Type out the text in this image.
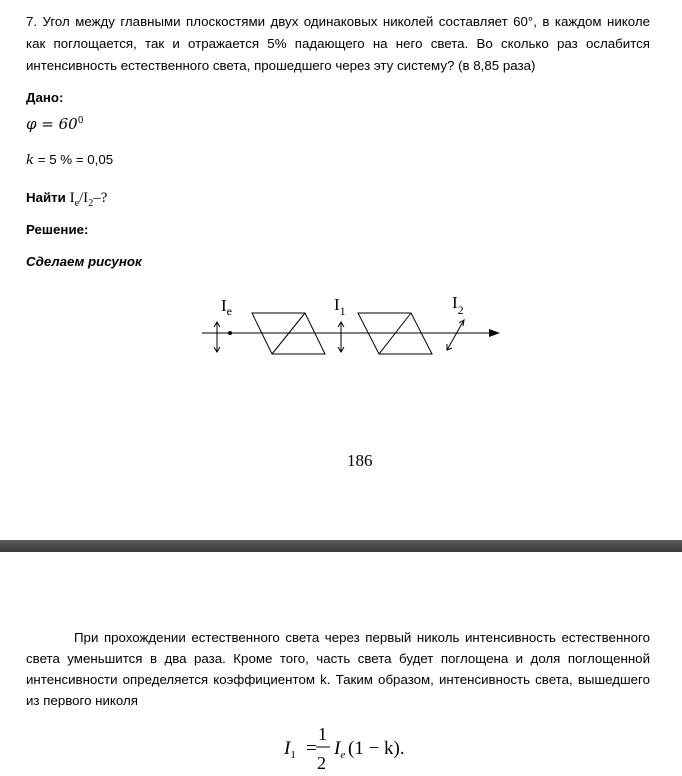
7. Угол между главными плоскостями двух одинаковых николей составляет 60°, в каждом николе как поглощается, так и отражается 5% падающего на него света. Во сколько раз ослабится интенсивность естественного света, прошедшего через эту систему? (в 8,85 раза)
Дано:
$\varphi = 60^0$
k = 5 % = 0,05
Найти $I_e/I_2-$?
Решение:
Сделаем рисунок
$I_e$	$I_1$	$I_2$
186
При прохождении естественного света через первый николь интенсивность естественного света уменьшится в два раза. Кроме того, часть света будет поглощена и доля поглощенной интенсивности определяется коэффициентом k. Таким образом, интенсивность света, вышедшего из первого николя
$I_1$ =
1
2
$I_e$ (1 − k).
